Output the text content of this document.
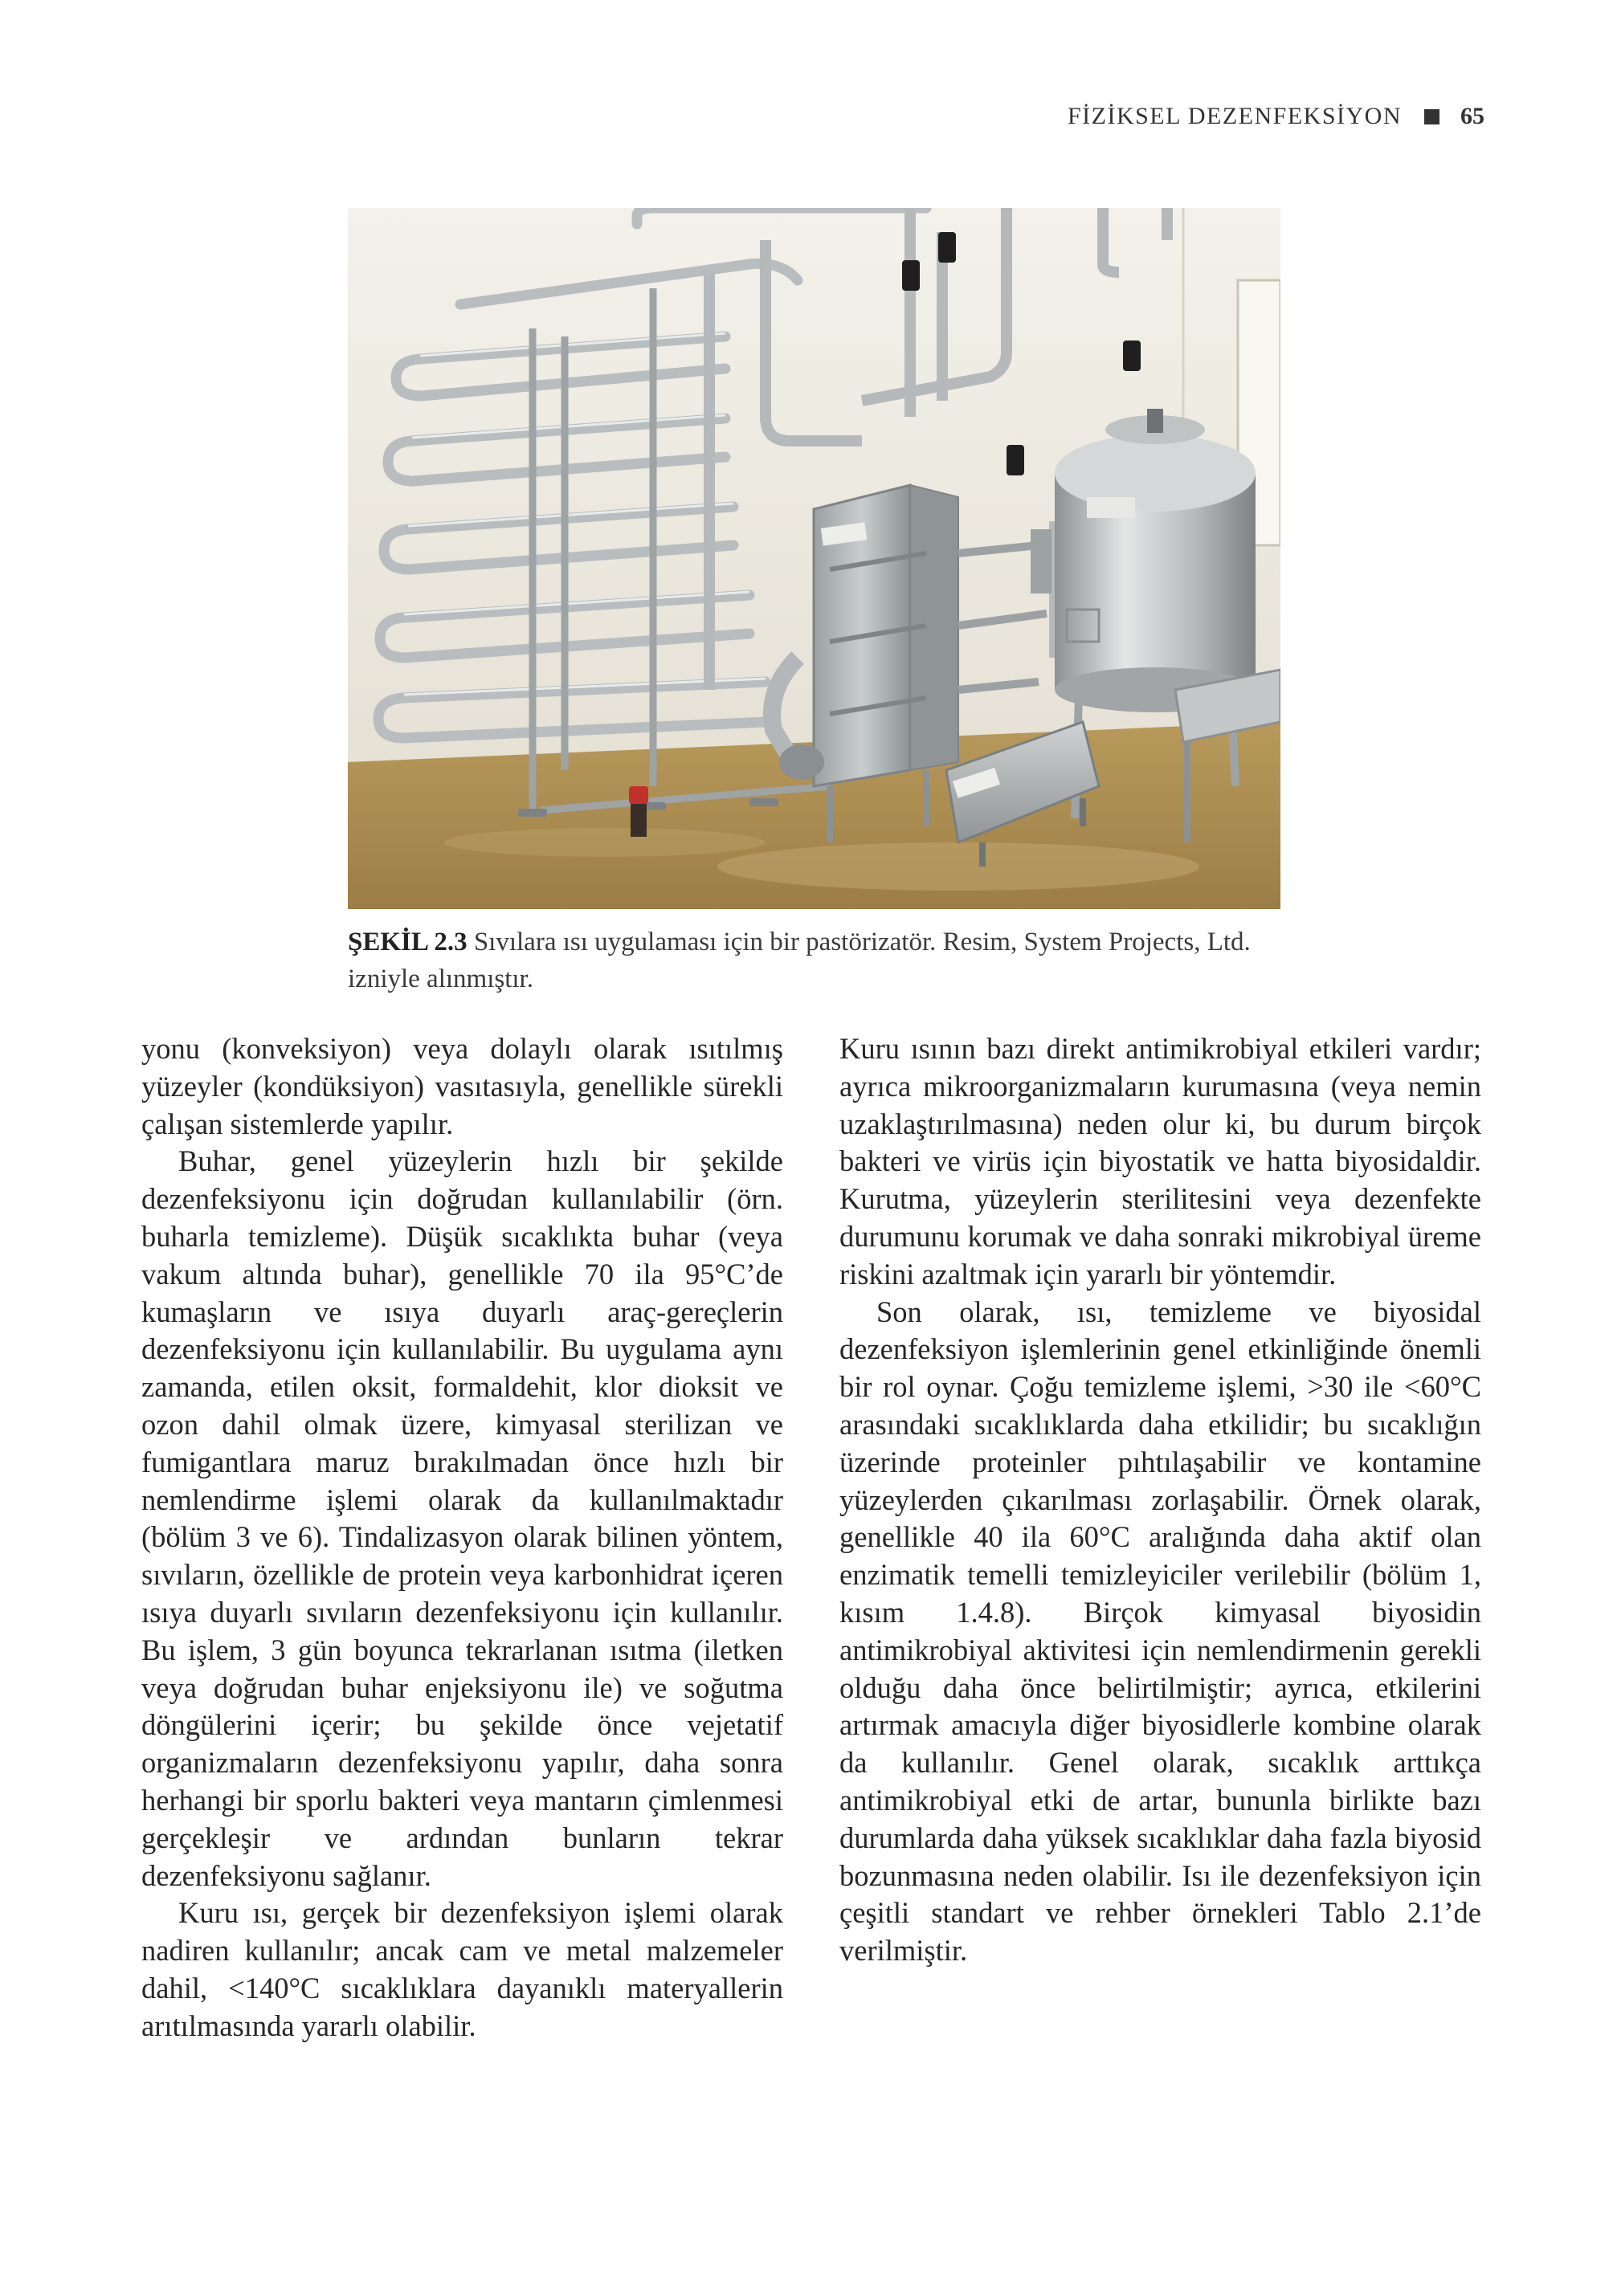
FİZİKSEL DEZENFEKSİYON 65
ŞEKİL 2.3 Sıvılara ısı uygulaması için bir pastörizatör. Resim, System Projects, Ltd. izniyle alınmıştır.

yonu (konveksiyon) veya dolaylı olarak ısıtılmış yüzeyler (kondüksiyon) vasıtasıyla, genellikle sürekli çalışan sistemlerde yapılır.

Buhar, genel yüzeylerin hızlı bir şekilde dezenfeksiyonu için doğrudan kullanılabilir (örn. buharla temizleme). Düşük sıcaklıkta buhar (veya vakum altında buhar), genellikle 70 ila 95°C’de kumaşların ve ısıya duyarlı araç-gereçlerin dezenfeksiyonu için kullanılabilir. Bu uygulama aynı zamanda, etilen oksit, formaldehit, klor dioksit ve ozon dahil olmak üzere, kimyasal sterilizan ve fumigantlara maruz bırakılmadan önce hızlı bir nemlendirme işlemi olarak da kullanılmaktadır (bölüm 3 ve 6). Tindalizasyon olarak bilinen yöntem, sıvıların, özellikle de protein veya karbonhidrat içeren ısıya duyarlı sıvıların dezenfeksiyonu için kullanılır. Bu işlem, 3 gün boyunca tekrarlanan ısıtma (iletken veya doğrudan buhar enjeksiyonu ile) ve soğutma döngülerini içerir; bu şekilde önce vejetatif organizmaların dezenfeksiyonu yapılır, daha sonra herhangi bir sporlu bakteri veya mantarın çimlenmesi gerçekleşir ve ardından bunların tekrar dezenfeksiyonu sağlanır.

Kuru ısı, gerçek bir dezenfeksiyon işlemi olarak nadiren kullanılır; ancak cam ve metal malzemeler dahil, <140°C sıcaklıklara dayanıklı materyallerin arıtılmasında yararlı olabilir.

Kuru ısının bazı direkt antimikrobiyal etkileri vardır; ayrıca mikroorganizmaların kurumasına (veya nemin uzaklaştırılmasına) neden olur ki, bu durum birçok bakteri ve virüs için biyostatik ve hatta biyosidaldir. Kurutma, yüzeylerin sterilitesini veya dezenfekte durumunu korumak ve daha sonraki mikrobiyal üreme riskini azaltmak için yararlı bir yöntemdir.

Son olarak, ısı, temizleme ve biyosidal dezenfeksiyon işlemlerinin genel etkinliğinde önemli bir rol oynar. Çoğu temizleme işlemi, >30 ile <60°C arasındaki sıcaklıklarda daha etkilidir; bu sıcaklığın üzerinde proteinler pıhtılaşabilir ve kontamine yüzeylerden çıkarılması zorlaşabilir. Örnek olarak, genellikle 40 ila 60°C aralığında daha aktif olan enzimatik temelli temizleyiciler verilebilir (bölüm 1, kısım 1.4.8). Birçok kimyasal biyosidin antimikrobiyal aktivitesi için nemlendirmenin gerekli olduğu daha önce belirtilmiştir; ayrıca, etkilerini artırmak amacıyla diğer biyosidlerle kombine olarak da kullanılır. Genel olarak, sıcaklık arttıkça antimikrobiyal etki de artar, bununla birlikte bazı durumlarda daha yüksek sıcaklıklar daha fazla biyosid bozunmasına neden olabilir. Isı ile dezenfeksiyon için çeşitli standart ve rehber örnekleri Tablo 2.1’de verilmiştir.
